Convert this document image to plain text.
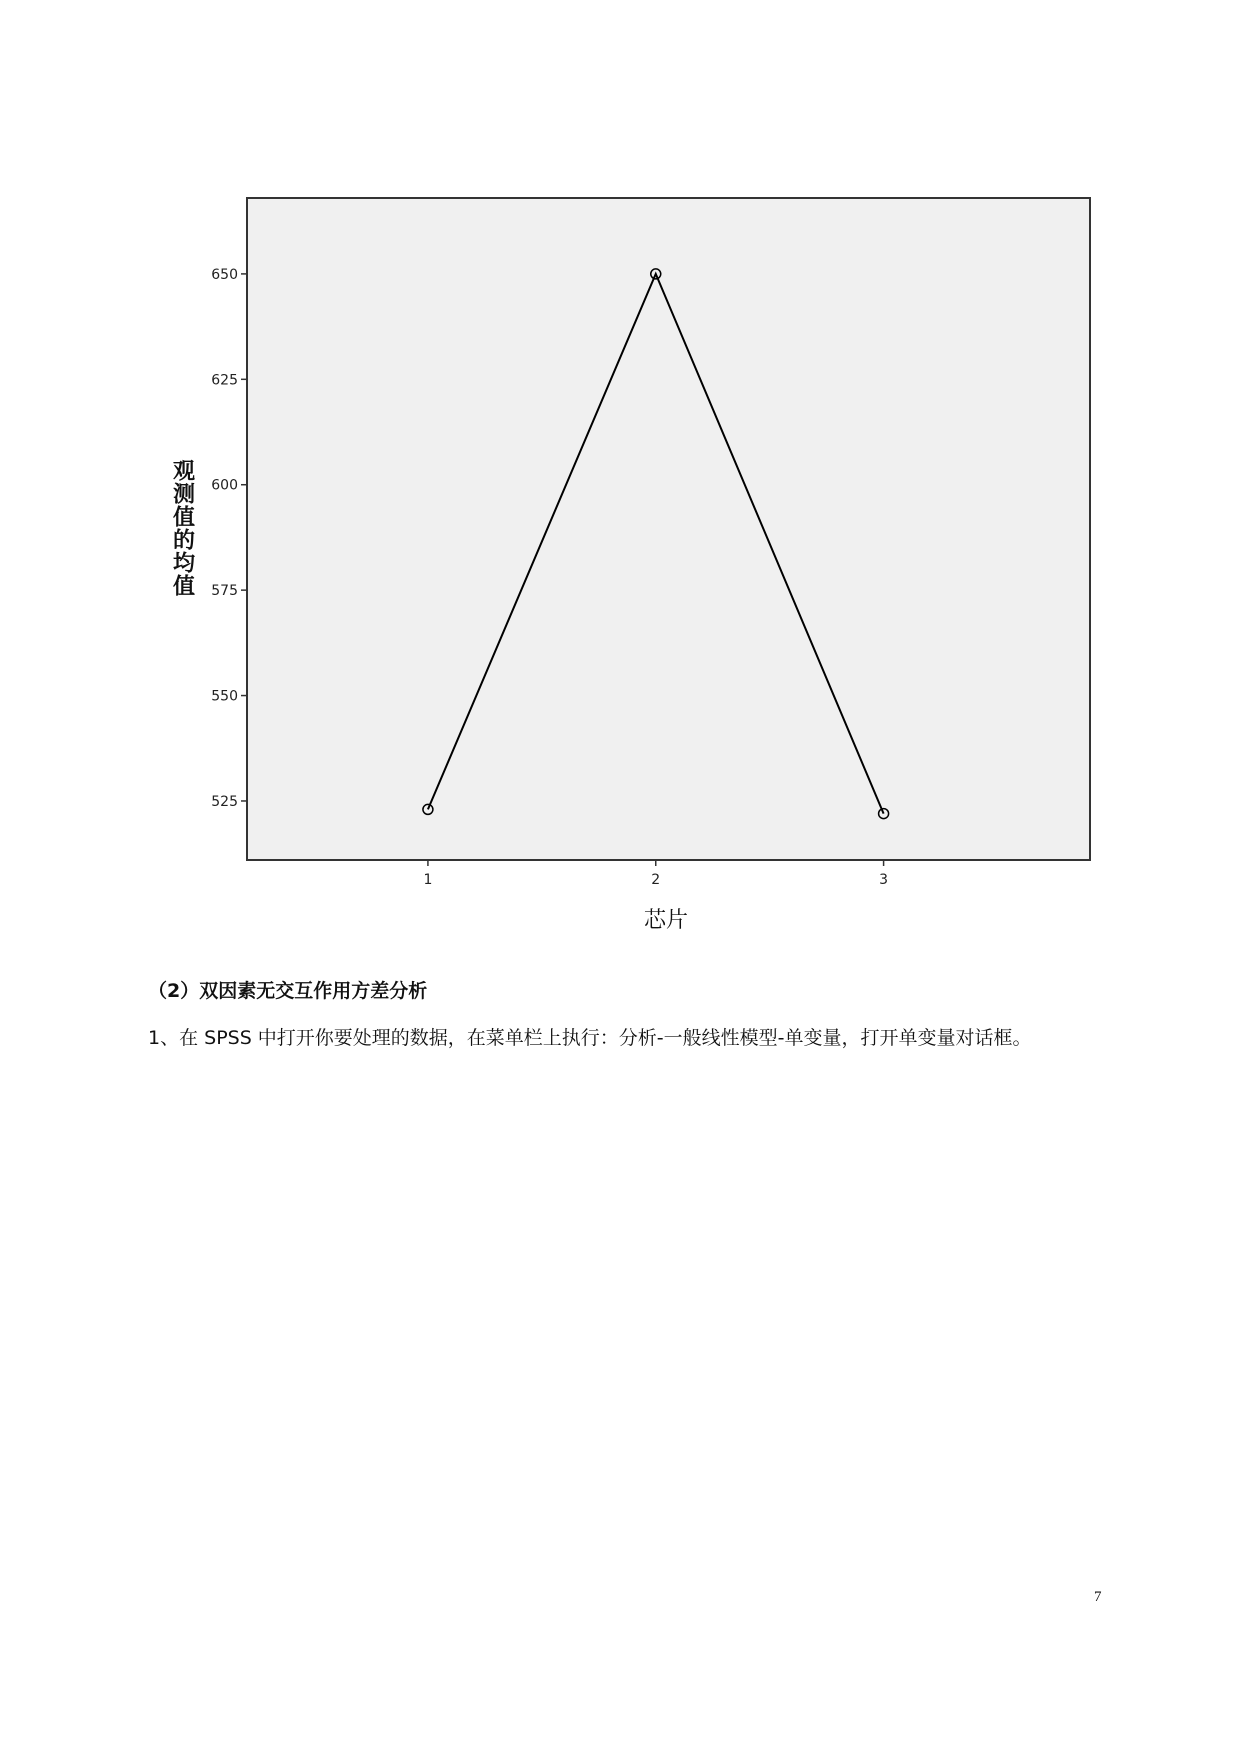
525
550
575
600
625
650
1	2	3
芯片
观测值的均值
（2）双因素无交互作用方差分析
1、在 SPSS 中打开你要处理的数据，在菜单栏上执行：分析-一般线性模型-单变量，打开单变量对话框。
7
